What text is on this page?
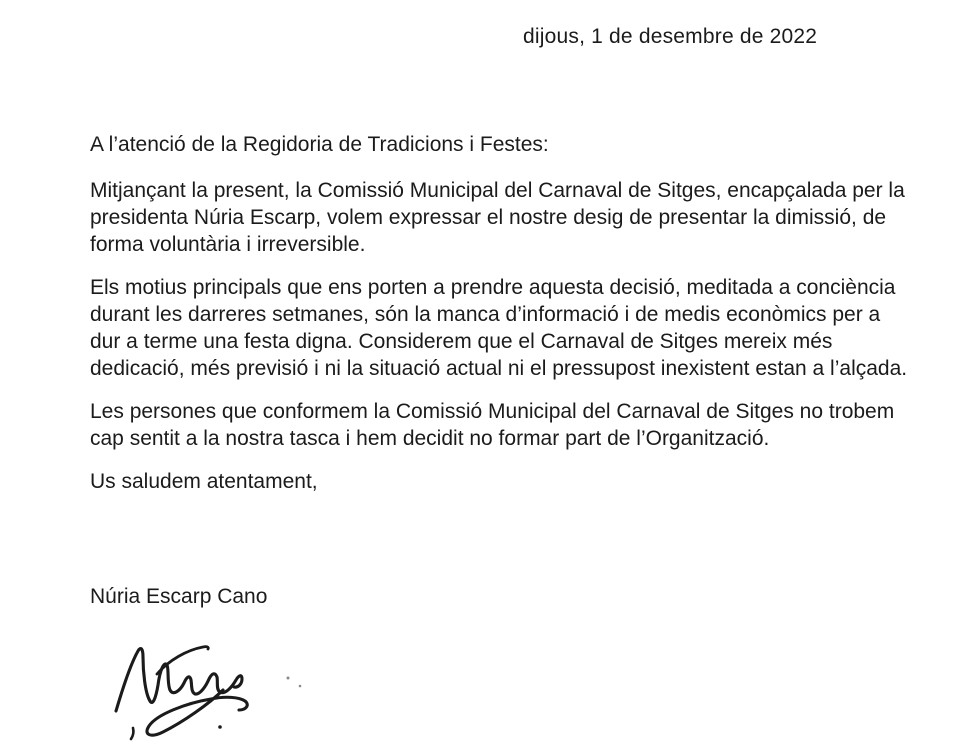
dijous, 1 de desembre de 2022
A l’atenció de la Regidoria de Tradicions i Festes:
Mitjançant la present, la Comissió Municipal del Carnaval de Sitges, encapçalada per la presidenta Núria Escarp, volem expressar el nostre desig de presentar la dimissió, de forma voluntària i irreversible.
Els motius principals que ens porten a prendre aquesta decisió, meditada a conciència durant les darreres setmanes, són la manca d’informació i de medis econòmics per a dur a terme una festa digna. Considerem que el Carnaval de Sitges mereix més dedicació, més previsió i ni la situació actual ni el pressupost inexistent estan a l’alçada.
Les persones que conformem la Comissió Municipal del Carnaval de Sitges no trobem cap sentit a la nostra tasca i hem decidit no formar part de l’Organització.
Us saludem atentament,
Núria Escarp Cano
